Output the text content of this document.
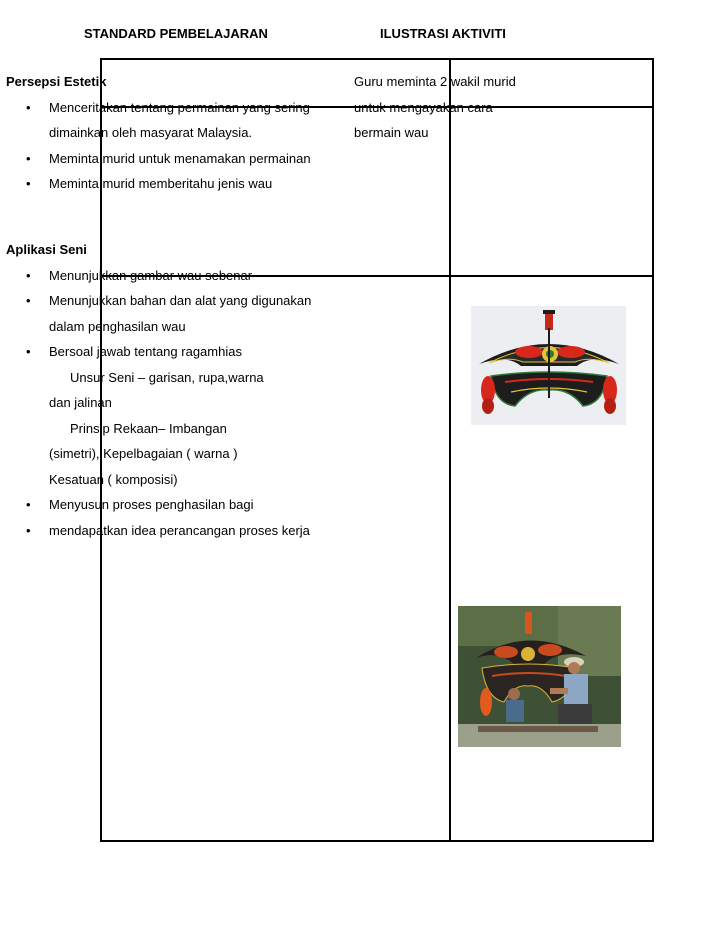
STANDARD PEMBELAJARAN	ILUSTRASI AKTIVITI
Persepsi Estetik
• Menceritakan tentang permainan yang sering
dimainkan oleh masyarat Malaysia.
• Meminta murid untuk menamakan permainan
• Meminta murid memberitahu jenis wau
Guru meminta 2 wakil murid
untuk mengayakan cara
bermain wau
Aplikasi Seni
• Menunjukkan gambar wau sebenar
• Menunjukkan bahan dan alat yang digunakan
dalam penghasilan wau
• Bersoal jawab tentang ragamhias
Unsur Seni – garisan, rupa,warna
dan jalinan
Prinsip Rekaan– Imbangan
(simetri), Kepelbagaian ( warna )
Kesatuan ( komposisi)
• Menyusun proses penghasilan bagi
• mendapatkan idea perancangan proses kerja
